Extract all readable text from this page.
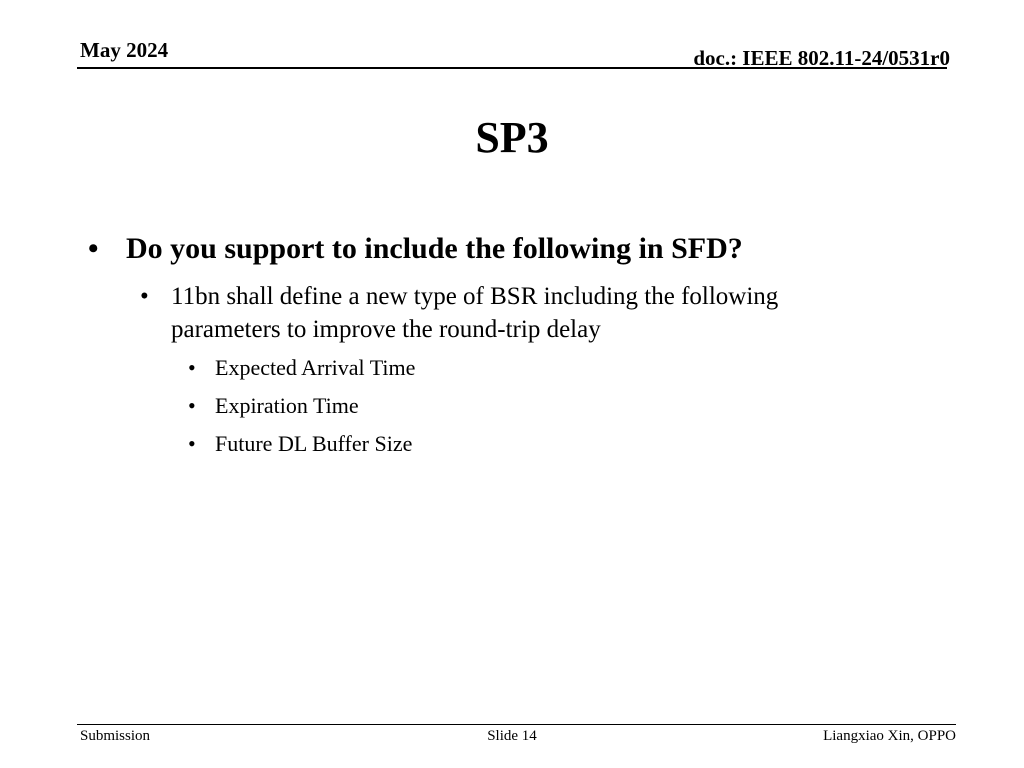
May 2024	doc.: IEEE 802.11-24/0531r0
SP3
• Do you support to include the following in SFD?
• 11bn shall define a new type of BSR including the following parameters to improve the round-trip delay
• Expected Arrival Time
• Expiration Time
• Future DL Buffer Size
Submission	Slide 14	Liangxiao Xin, OPPO
